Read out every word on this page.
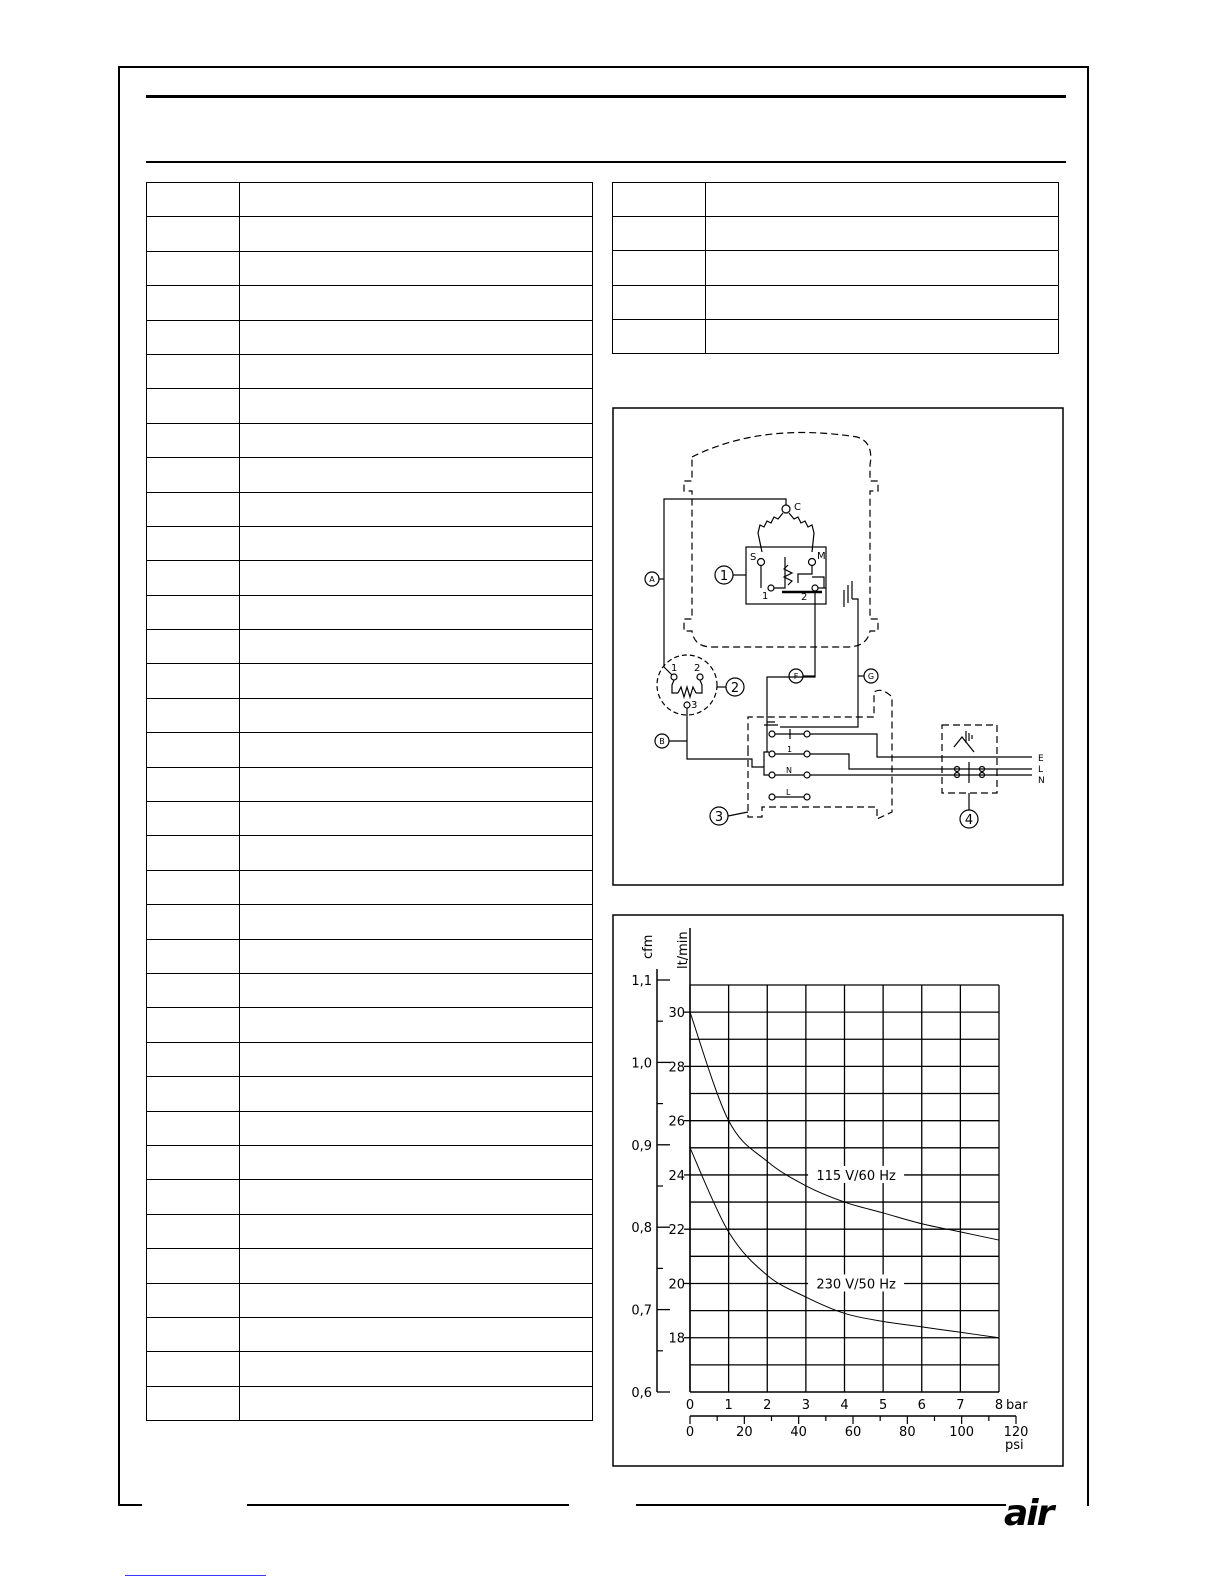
C
S	M
1	2
1 2
3
1
N
L
E
L
N
1
2
3	4
A
B
F	G
0,6
0,7
0,8
0,9
1,0
1,1
cfm
18
20
22
24
26
28
30
lt/min
0 1 2 3 4 5 6 7 8 bar
0	20	40	60	80	100 120
psi
115 V/60 Hz
230 V/50 Hz
air
